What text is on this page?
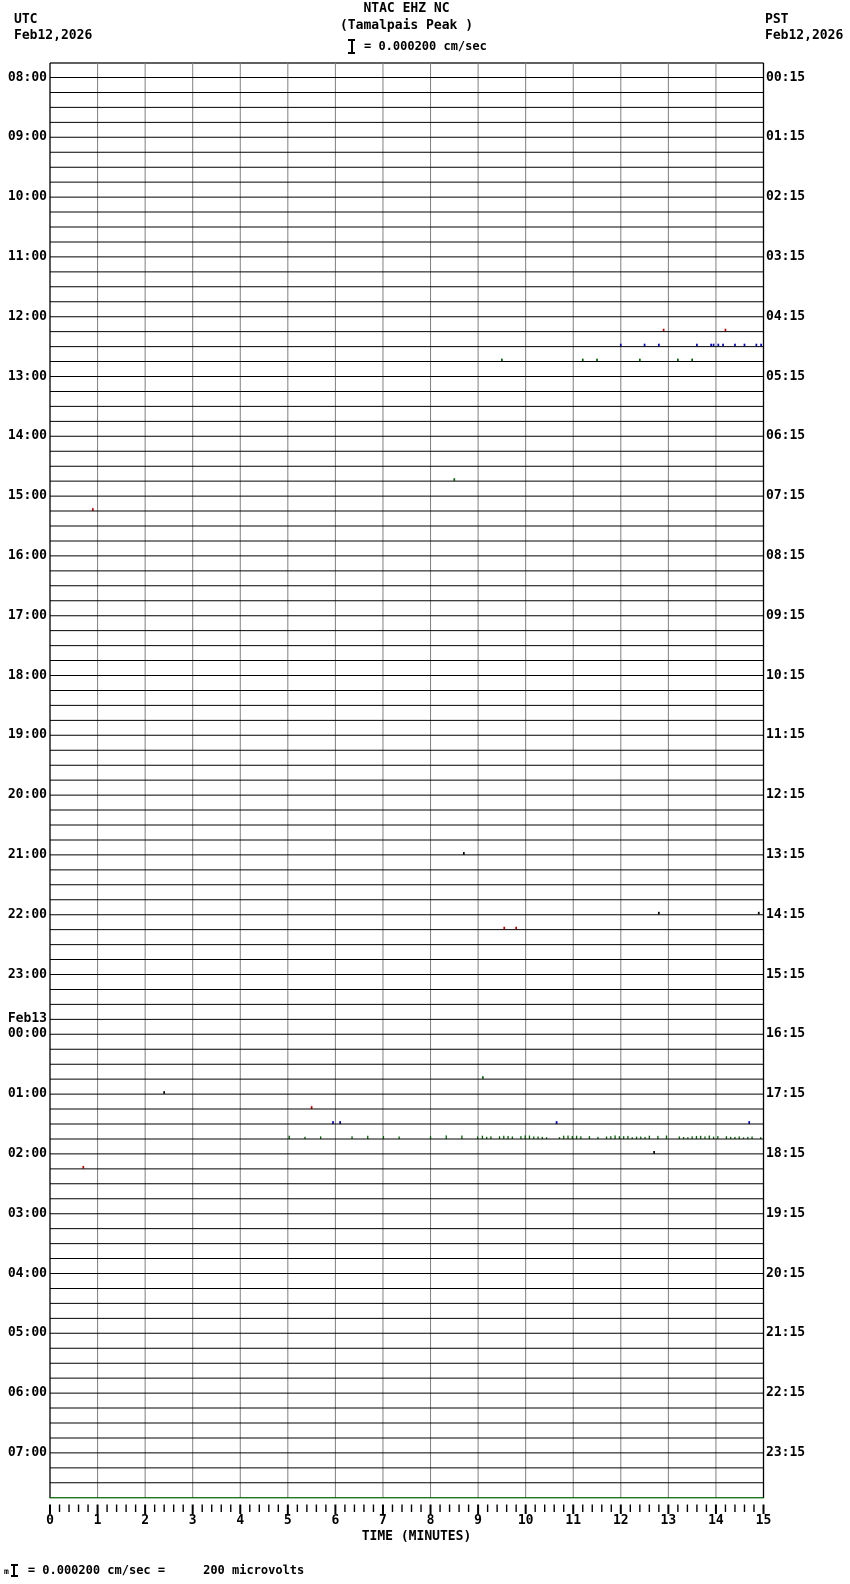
UTC
Feb12,2026
PST
Feb12,2026
NTAC EHZ NC
(Tamalpais Peak )
= 0.000200 cm/sec
08:00
09:00
10:00
11:00
12:00
13:00
14:00
15:00
16:00
17:00
18:00
19:00
20:00
21:00
22:00
23:00
Feb13
00:00
01:00
02:00
03:00
04:00
05:00
06:00
07:00
00:15
01:15
02:15
03:15
04:15
05:15
06:15
07:15
08:15
09:15
10:15
11:15
12:15
13:15
14:15
15:15
16:15
17:15
18:15
19:15
20:15
21:15
22:15
23:15
0	1	2	3	4	5	6	7	8	9	10	11	12	13	14	15
TIME (MINUTES)
m = 0.000200 cm/sec =	200 microvolts
